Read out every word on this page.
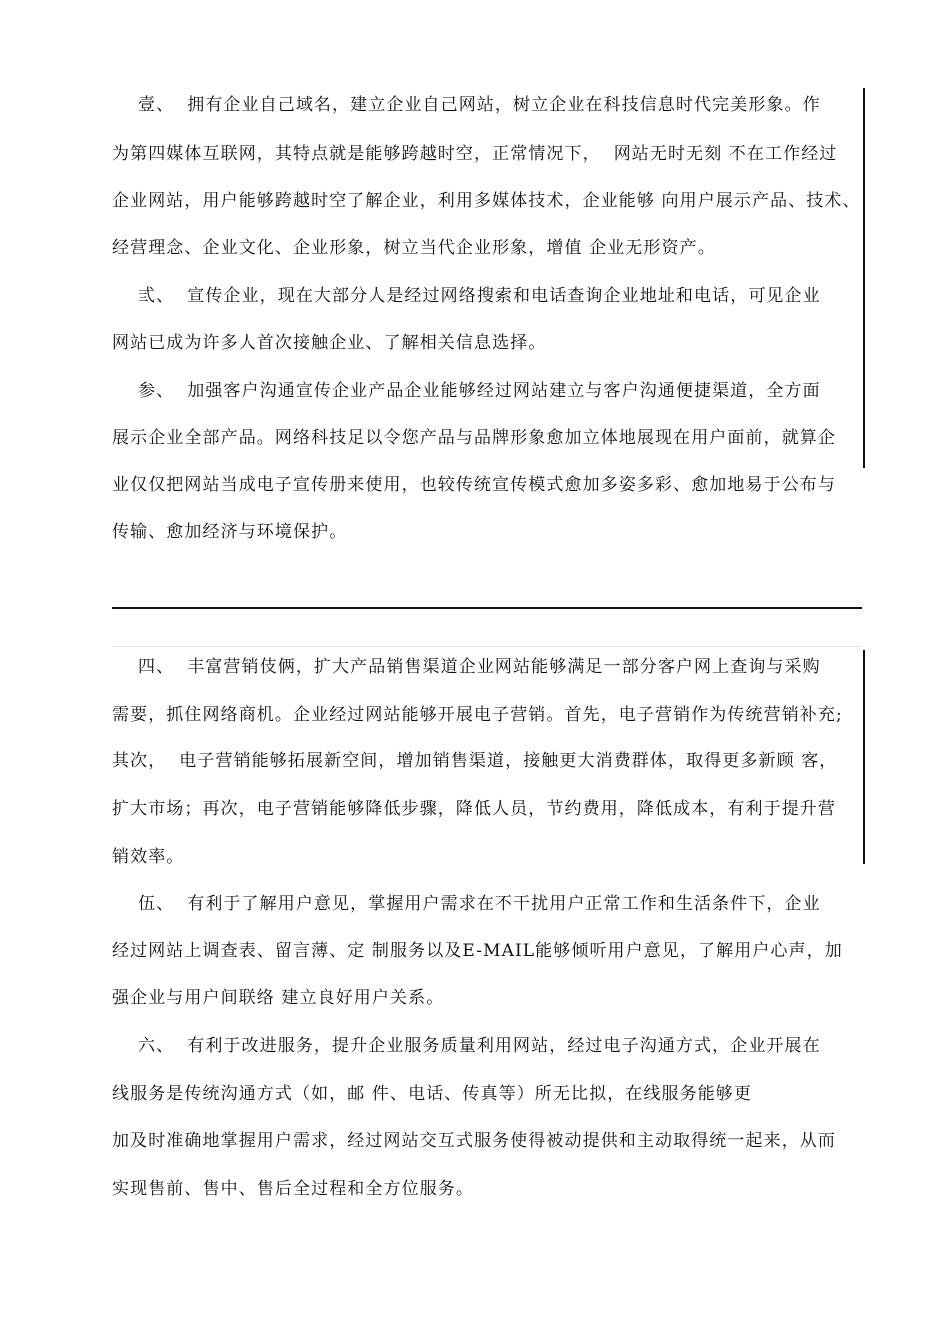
壹、  拥有企业自己域名，建立企业自己网站，树立企业在科技信息时代完美形象。作
为第四媒体互联网，其特点就是能够跨越时空，正常情况下，  网站无时无刻 不在工作经过
企业网站，用户能够跨越时空了解企业，利用多媒体技术，企业能够 向用户展示产品、技术、
经营理念、企业文化、企业形象，树立当代企业形象，增值 企业无形资产。
弎、  宣传企业，现在大部分人是经过网络搜索和电话查询企业地址和电话，可见企业
网站已成为许多人首次接触企业、了解相关信息选择。
参、  加强客户沟通宣传企业产品企业能够经过网站建立与客户沟通便捷渠道，全方面
展示企业全部产品。网络科技足以令您产品与品牌形象愈加立体地展现在用户面前，就算企
业仅仅把网站当成电子宣传册来使用，也较传统宣传模式愈加多姿多彩、愈加地易于公布与
传输、愈加经济与环境保护。
四、  丰富营销伎俩，扩大产品销售渠道企业网站能够满足一部分客户网上查询与采购
需要，抓住网络商机。企业经过网站能够开展电子营销。首先，电子营销作为传统营销补充;
其次，  电子营销能够拓展新空间，增加销售渠道，接触更大消费群体，取得更多新顾 客，
扩大市场；再次，电子营销能够降低步骤，降低人员，节约费用，降低成本，有利于提升营
销效率。
伍、  有利于了解用户意见，掌握用户需求在不干扰用户正常工作和生活条件下，企业
经过网站上调查表、留言薄、定 制服务以及E-MAIL能够倾听用户意见，了解用户心声，加
强企业与用户间联络 建立良好用户关系。
六、  有利于改进服务，提升企业服务质量利用网站，经过电子沟通方式，企业开展在
线服务是传统沟通方式（如，邮 件、电话、传真等）所无比拟，在线服务能够更
加及时准确地掌握用户需求，经过网站交互式服务使得被动提供和主动取得统一起来，从而
实现售前、售中、售后全过程和全方位服务。
